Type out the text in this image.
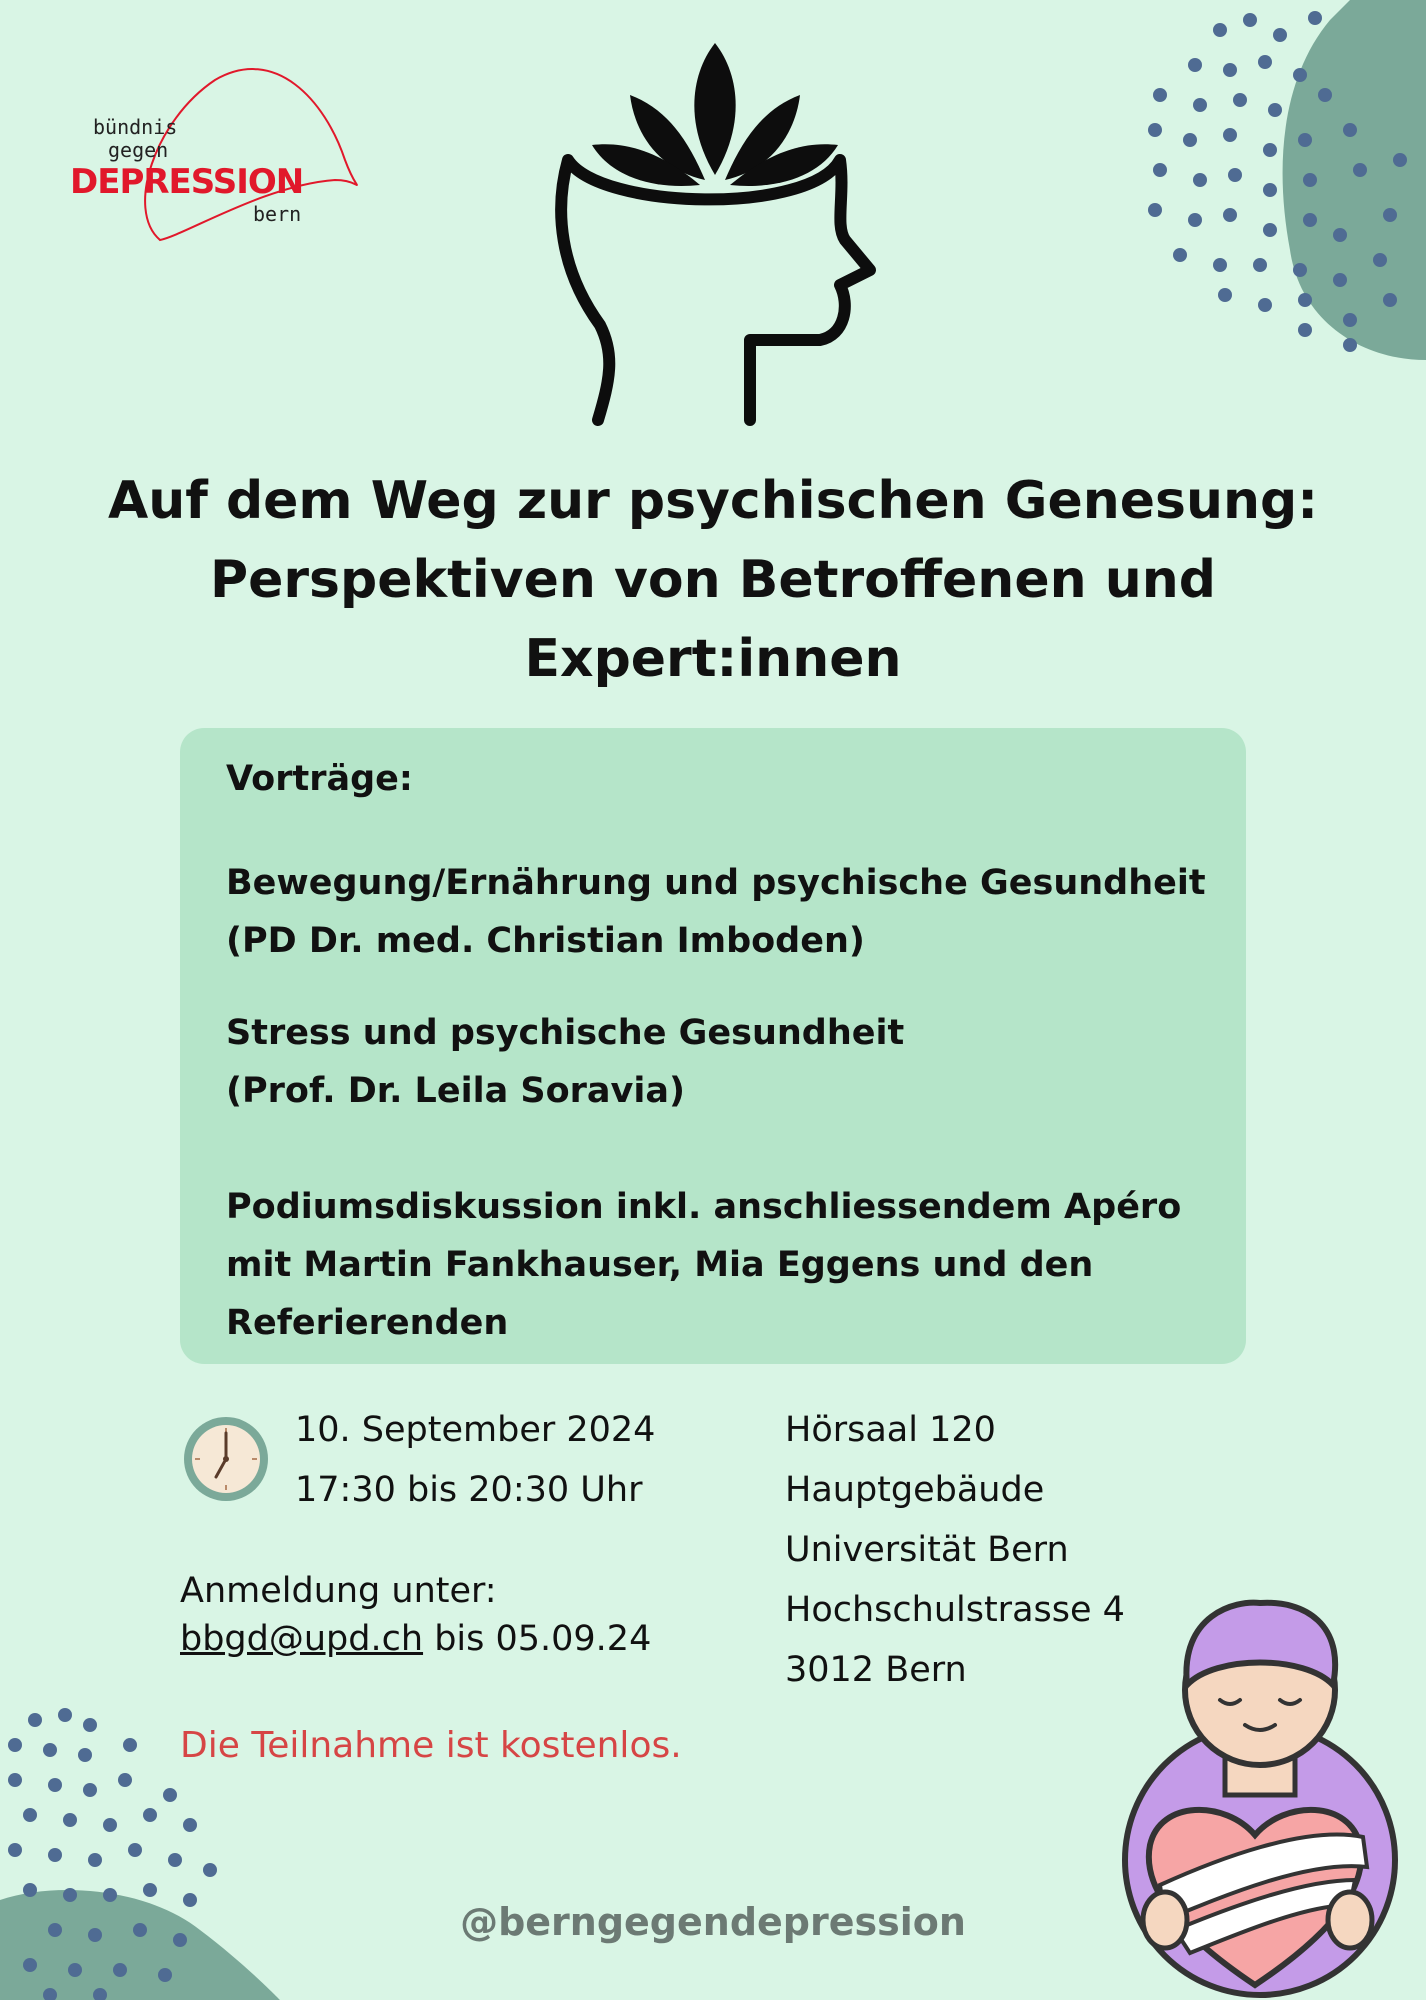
bündnis
gegen
DEPRESSION
bern
Auf dem Weg zur psychischen Genesung:
Perspektiven von Betroffenen und
Expert:innen
Vorträge:
Bewegung/Ernährung und psychische Gesundheit
(PD Dr. med. Christian Imboden)
Stress und psychische Gesundheit
(Prof. Dr. Leila Soravia)
Podiumsdiskussion inkl. anschliessendem Apéro
mit Martin Fankhauser, Mia Eggens und den
Referierenden
10. September 2024
17:30 bis 20:30 Uhr
Anmeldung unter:
bbgd@upd.ch bis 05.09.24
Hörsaal 120
Hauptgebäude
Universität Bern
Hochschulstrasse 4
3012 Bern
Die Teilnahme ist kostenlos.
@berngegendepression
